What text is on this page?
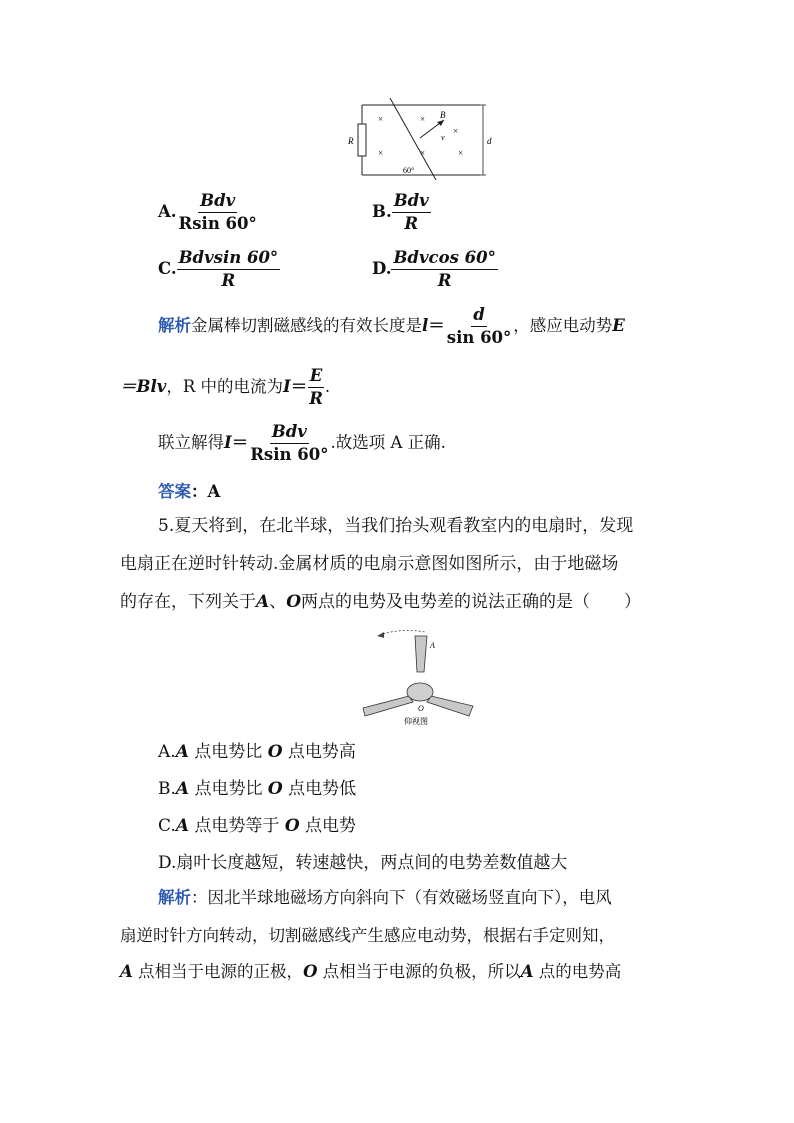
×
×
×
×
×	×
R
B
v	d
60°
A. $\frac{\text{Bdv}}{Rsin 60^\circ}$	B. $\frac{\text{Bdv}}{R}$
C. $\frac{\text{Bdvsin 60°}}{R}$	D. $\frac{\text{Bdvcos 60°}}{R}$
解析金属棒切割磁感线的有效长度是$l= \frac{d}{\sin 60^\circ}$ ，感应电动势E
＝Blv，R 中的电流为$I= \frac{E}{R}$ .
联立解得$I= \frac{\text{Bdv}}{Rsin 60^\circ}$ .故选项 A 正确.
答案：A
5.夏天将到，在北半球，当我们抬头观看教室内的电扇时，发现
电扇正在逆时针转动.金属材质的电扇示意图如图所示，由于地磁场
的存在，下列关于A、O两点的电势及电势差的说法正确的是（　　）
A
O
仰视图
A.A 点电势比 O 点电势高
B.A 点电势比 O 点电势低
C.A 点电势等于 O 点电势
D.扇叶长度越短，转速越快，两点间的电势差数值越大
解析：因北半球地磁场方向斜向下（有效磁场竖直向下），电风
扇逆时针方向转动，切割磁感线产生感应电动势，根据右手定则知，
A 点相当于电源的正极，O 点相当于电源的负极，所以A 点的电势高
